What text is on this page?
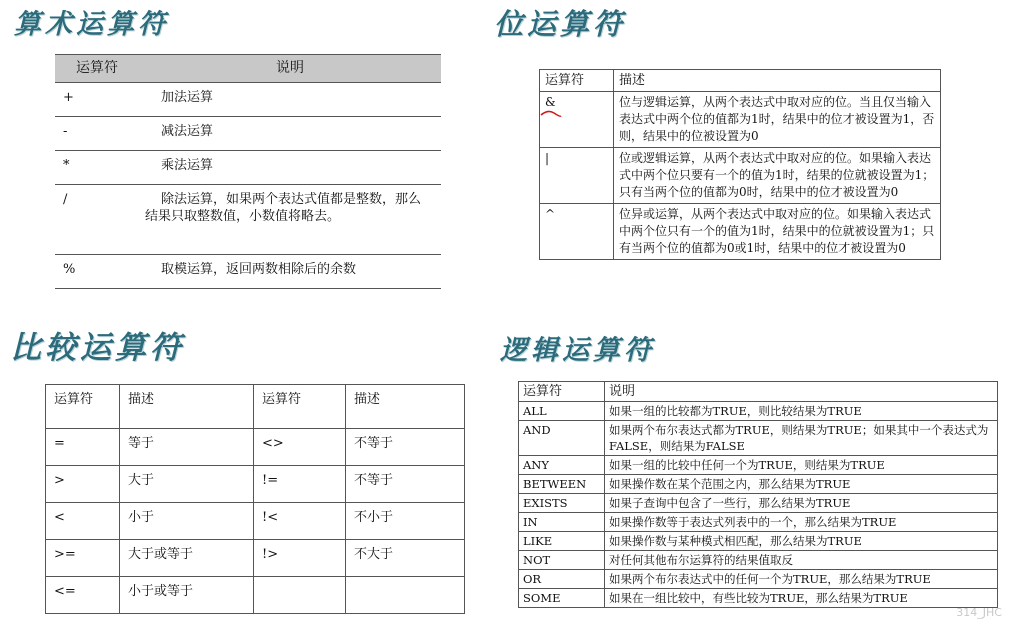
算术运算符
运算符	说明
+	加法运算
-	减法运算
*	乘法运算
/	除法运算，如果两个表达式值都是整数，那么结果只取整数值，小数值将略去。
%	取模运算，返回两数相除后的余数
位运算符
运算符	描述
&	位与逻辑运算，从两个表达式中取对应的位。当且仅当输入表达式中两个位的值都为1时，结果中的位才被设置为1，否则，结果中的位被设置为0
|	位或逻辑运算，从两个表达式中取对应的位。如果输入表达式中两个位只要有一个的值为1时，结果的位就被设置为1；只有当两个位的值都为0时，结果中的位才被设置为0
^	位异或运算，从两个表达式中取对应的位。如果输入表达式中两个位只有一个的值为1时，结果中的位就被设置为1；只有当两个位的值都为0或1时，结果中的位才被设置为0
比较运算符
运算符	描述	运算符	描述
=	等于	<>	不等于
>	大于	!=	不等于
<	小于	!<	不小于
>=	大于或等于	!>	不大于
<=	小于或等于		
逻辑运算符
运算符	说明
ALL	如果一组的比较都为TRUE，则比较结果为TRUE
AND	如果两个布尔表达式都为TRUE，则结果为TRUE；如果其中一个表达式为FALSE，则结果为FALSE
ANY	如果一组的比较中任何一个为TRUE，则结果为TRUE
BETWEEN	如果操作数在某个范围之内，那么结果为TRUE
EXISTS	如果子查询中包含了一些行，那么结果为TRUE
IN	如果操作数等于表达式列表中的一个，那么结果为TRUE
LIKE	如果操作数与某种模式相匹配，那么结果为TRUE
NOT	对任何其他布尔运算符的结果值取反
OR	如果两个布尔表达式中的任何一个为TRUE，那么结果为TRUE
SOME	如果在一组比较中，有些比较为TRUE，那么结果为TRUE
314_JHC
